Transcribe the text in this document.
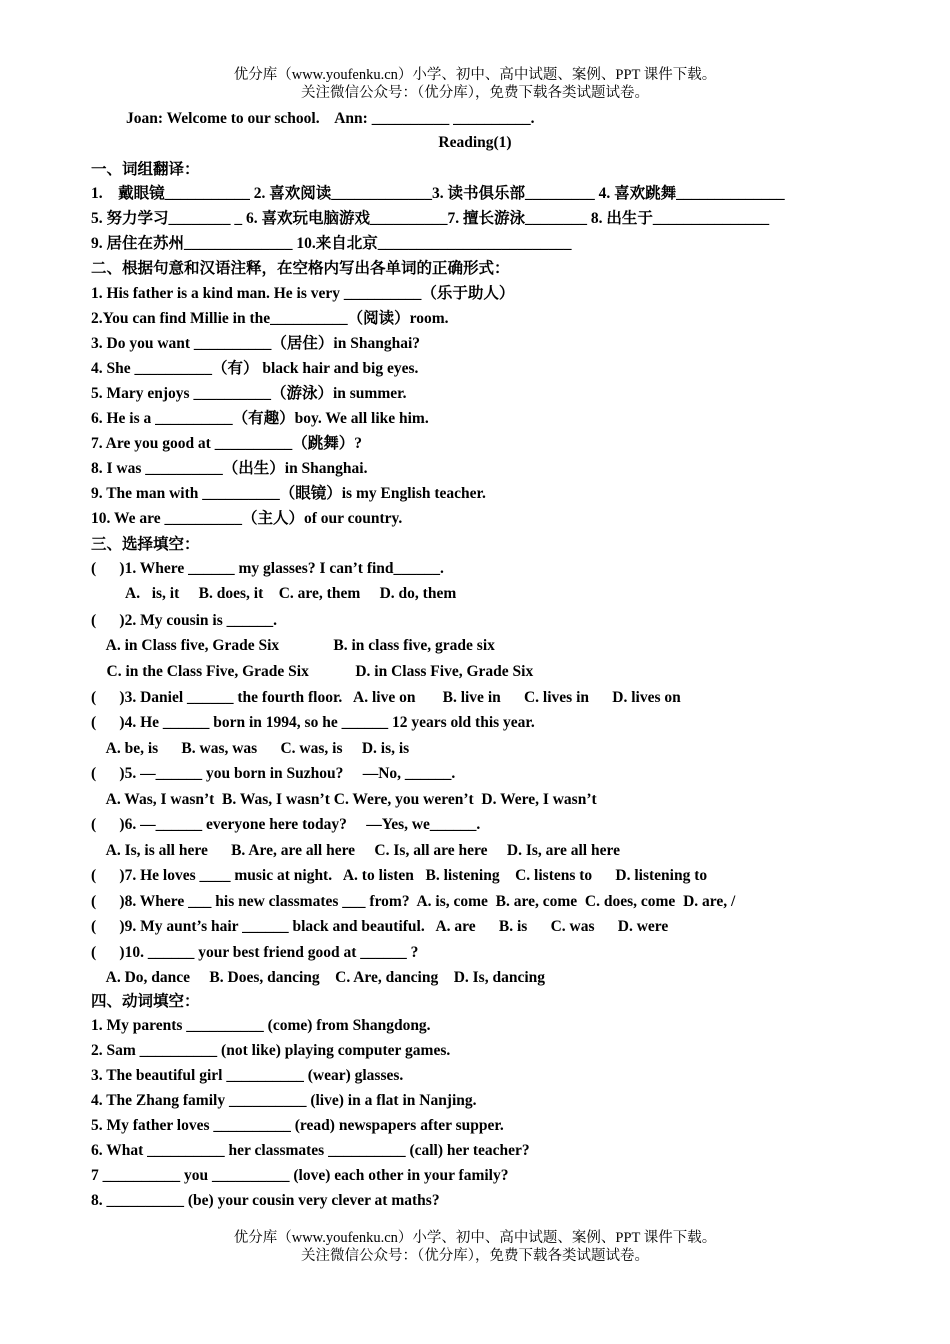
优分库（www.youfenku.cn）小学、初中、高中试题、案例、PPT 课件下载。
关注微信公众号：（优分库），免费下载各类试题试卷。
Joan: Welcome to our school.    Ann: __________ __________.
Reading(1)
一、词组翻译：
1.    戴眼镜___________ 2. 喜欢阅读_____________3. 读书俱乐部_________ 4. 喜欢跳舞______________
5. 努力学习________ _ 6. 喜欢玩电脑游戏__________7. 擅长游泳________ 8. 出生于_______________
9. 居住在苏州______________ 10.来自北京_________________________
二、根据句意和汉语注释，在空格内写出各单词的正确形式：
1. His father is a kind man. He is very __________（乐于助人）
2.You can find Millie in the__________（阅读）room.
3. Do you want __________（居住）in Shanghai?
4. She __________（有） black hair and big eyes.
5. Mary enjoys __________（游泳）in summer.
6. He is a __________（有趣）boy. We all like him.
7. Are you good at __________（跳舞）?
8. I was __________（出生）in Shanghai.
9. The man with __________（眼镜）is my English teacher.
10. We are __________（主人）of our country.
三、选择填空：
(      )1. Where ______ my glasses? I can’t find______.
A.   is, it     B. does, it    C. are, them     D. do, them
(      )2. My cousin is ______.
A. in Class five, Grade Six              B. in class five, grade six
C. in the Class Five, Grade Six            D. in Class Five, Grade Six
(      )3. Daniel ______ the fourth floor.   A. live on       B. live in      C. lives in      D. lives on
(      )4. He ______ born in 1994, so he ______ 12 years old this year.
A. be, is      B. was, was      C. was, is     D. is, is
(      )5. —______ you born in Suzhou?     —No, ______.
A. Was, I wasn’t  B. Was, I wasn’t C. Were, you weren’t  D. Were, I wasn’t
(      )6. —______ everyone here today?     —Yes, we______.
A. Is, is all here      B. Are, are all here     C. Is, all are here     D. Is, are all here
(      )7. He loves ____ music at night.   A. to listen   B. listening    C. listens to      D. listening to
(      )8. Where ___ his new classmates ___ from?  A. is, come  B. are, come  C. does, come  D. are, /
(      )9. My aunt’s hair ______ black and beautiful.   A. are      B. is      C. was      D. were
(      )10. ______ your best friend good at ______ ?
A. Do, dance     B. Does, dancing    C. Are, dancing    D. Is, dancing
四、动词填空：
1. My parents __________ (come) from Shangdong.
2. Sam __________ (not like) playing computer games.
3. The beautiful girl __________ (wear) glasses.
4. The Zhang family __________ (live) in a flat in Nanjing.
5. My father loves __________ (read) newspapers after supper.
6. What __________ her classmates __________ (call) her teacher?
7 __________ you __________ (love) each other in your family?
8. __________ (be) your cousin very clever at maths?
优分库（www.youfenku.cn）小学、初中、高中试题、案例、PPT 课件下载。
关注微信公众号：（优分库），免费下载各类试题试卷。
